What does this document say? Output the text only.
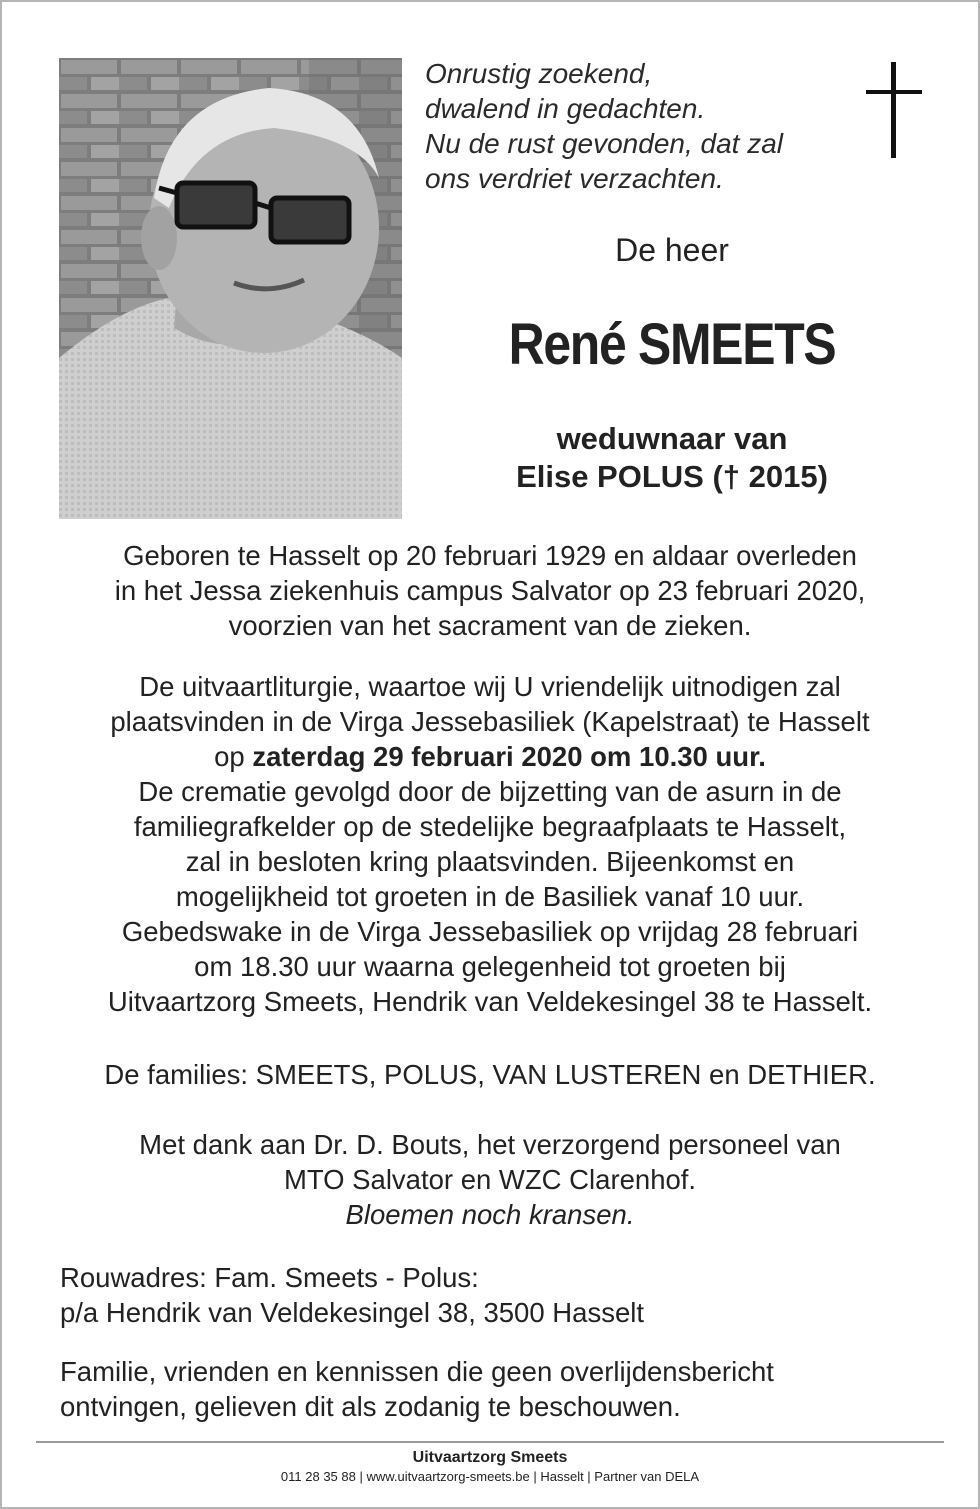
Onrustig zoekend,
dwalend in gedachten.
Nu de rust gevonden, dat zal
ons verdriet verzachten.
De heer
René SMEETS
weduwnaar van
Elise POLUS († 2015)
Geboren te Hasselt op 20 februari 1929 en aldaar overleden
in het Jessa ziekenhuis campus Salvator op 23 februari 2020,
voorzien van het sacrament van de zieken.
De uitvaartliturgie, waartoe wij U vriendelijk uitnodigen zal
plaatsvinden in de Virga Jessebasiliek (Kapelstraat) te Hasselt
op zaterdag 29 februari 2020 om 10.30 uur.
De crematie gevolgd door de bijzetting van de asurn in de
familiegrafkelder op de stedelijke begraafplaats te Hasselt,
zal in besloten kring plaatsvinden. Bijeenkomst en
mogelijkheid tot groeten in de Basiliek vanaf 10 uur.
Gebedswake in de Virga Jessebasiliek op vrijdag 28 februari
om 18.30 uur waarna gelegenheid tot groeten bij
Uitvaartzorg Smeets, Hendrik van Veldekesingel 38 te Hasselt.
De families: SMEETS, POLUS, VAN LUSTEREN en DETHIER.
Met dank aan Dr. D. Bouts, het verzorgend personeel van
MTO Salvator en WZC Clarenhof.
Bloemen noch kransen.
Rouwadres: Fam. Smeets - Polus:
p/a Hendrik van Veldekesingel 38, 3500 Hasselt
Familie, vrienden en kennissen die geen overlijdensbericht
ontvingen, gelieven dit als zodanig te beschouwen.
Uitvaartzorg Smeets
011 28 35 88 | www.uitvaartzorg-smeets.be | Hasselt | Partner van DELA
